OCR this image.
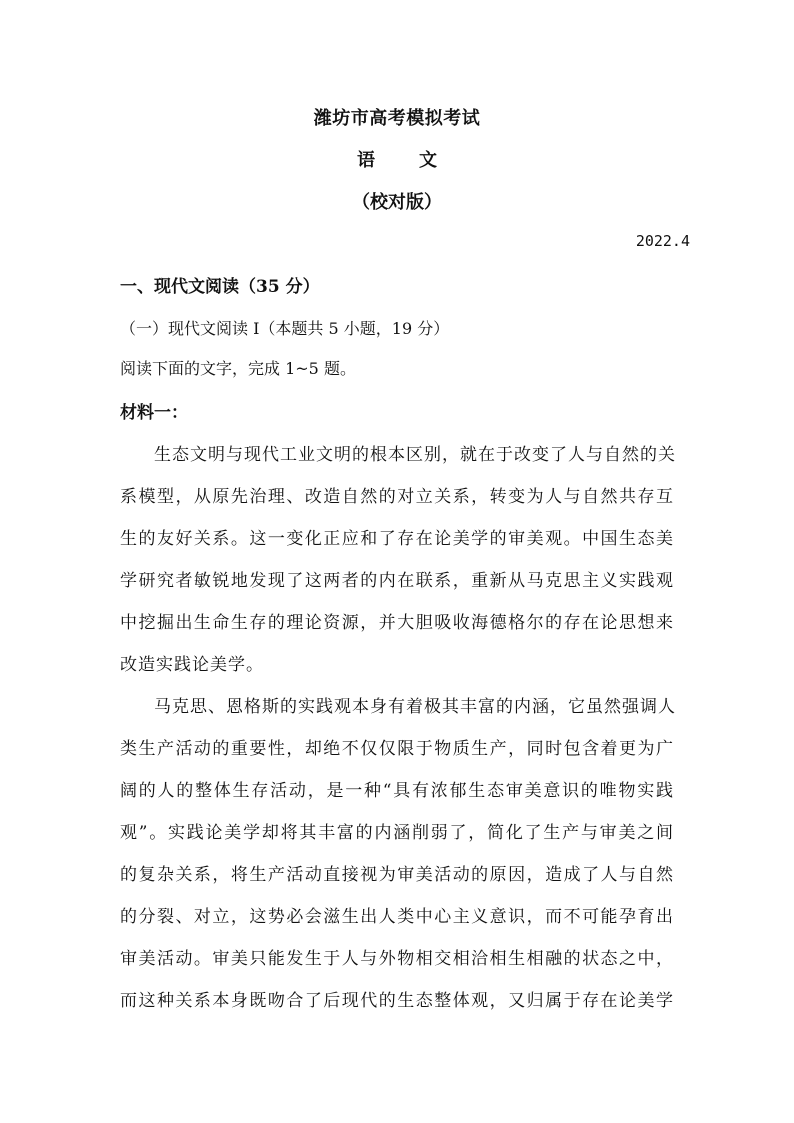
潍坊市高考模拟考试
语 文
（校对版）
2022.4
一、现代文阅读（35 分）
（一）现代文阅读 I（本题共 5 小题，19 分）
阅读下面的文字，完成 1~5 题。
材料一：
生态文明与现代工业文明的根本区别，就在于改变了人与自然的关
系模型，从原先治理、改造自然的对立关系，转变为人与自然共存互
生的友好关系。这一变化正应和了存在论美学的审美观。中国生态美
学研究者敏锐地发现了这两者的内在联系，重新从马克思主义实践观
中挖掘出生命生存的理论资源，并大胆吸收海德格尔的存在论思想来
改造实践论美学。
马克思、恩格斯的实践观本身有着极其丰富的内涵，它虽然强调人
类生产活动的重要性，却绝不仅仅限于物质生产，同时包含着更为广
阔的人的整体生存活动，是一种“具有浓郁生态审美意识的唯物实践
观”。实践论美学却将其丰富的内涵削弱了，简化了生产与审美之间
的复杂关系，将生产活动直接视为审美活动的原因，造成了人与自然
的分裂、对立，这势必会滋生出人类中心主义意识，而不可能孕育出
审美活动。审美只能发生于人与外物相交相洽相生相融的状态之中，
而这种关系本身既吻合了后现代的生态整体观，又归属于存在论美学
